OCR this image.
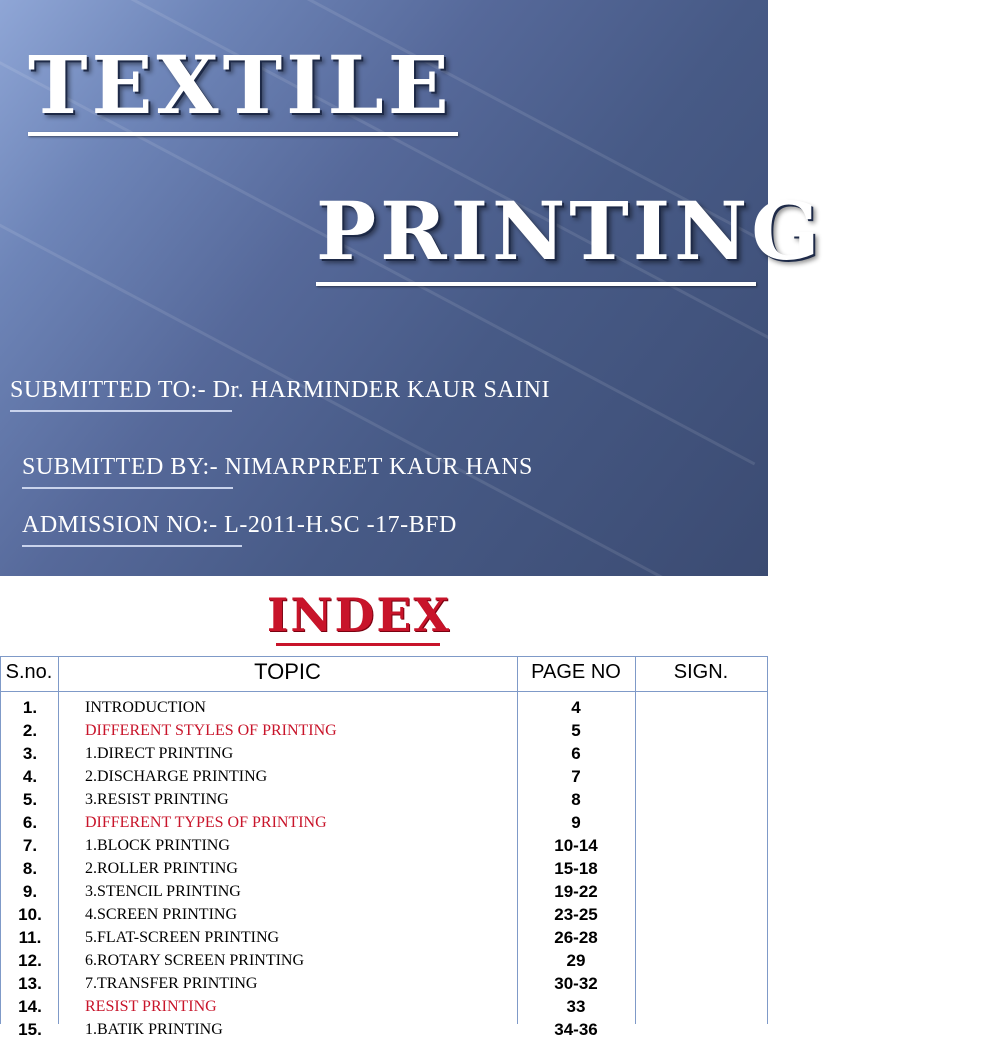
TEXTILE
PRINTING
SUBMITTED TO:- Dr. HARMINDER KAUR SAINI
SUBMITTED BY:- NIMARPREET KAUR HANS
ADMISSION NO:- L-2011-H.SC -17-BFD
INDEX
S.no.	TOPIC	PAGE NO	SIGN.
1.	INTRODUCTION	4
2.	DIFFERENT STYLES OF PRINTING	5
3.	1.DIRECT PRINTING	6
4.	2.DISCHARGE PRINTING	7
5.	3.RESIST PRINTING	8
6.	DIFFERENT TYPES OF PRINTING	9
7.	1.BLOCK PRINTING	10-14
8.	2.ROLLER PRINTING	15-18
9.	3.STENCIL PRINTING	19-22
10.	4.SCREEN PRINTING	23-25
11.	5.FLAT-SCREEN PRINTING	26-28
12.	6.ROTARY SCREEN PRINTING	29
13.	7.TRANSFER PRINTING	30-32
14.	RESIST PRINTING	33
15.	1.BATIK PRINTING	34-36
